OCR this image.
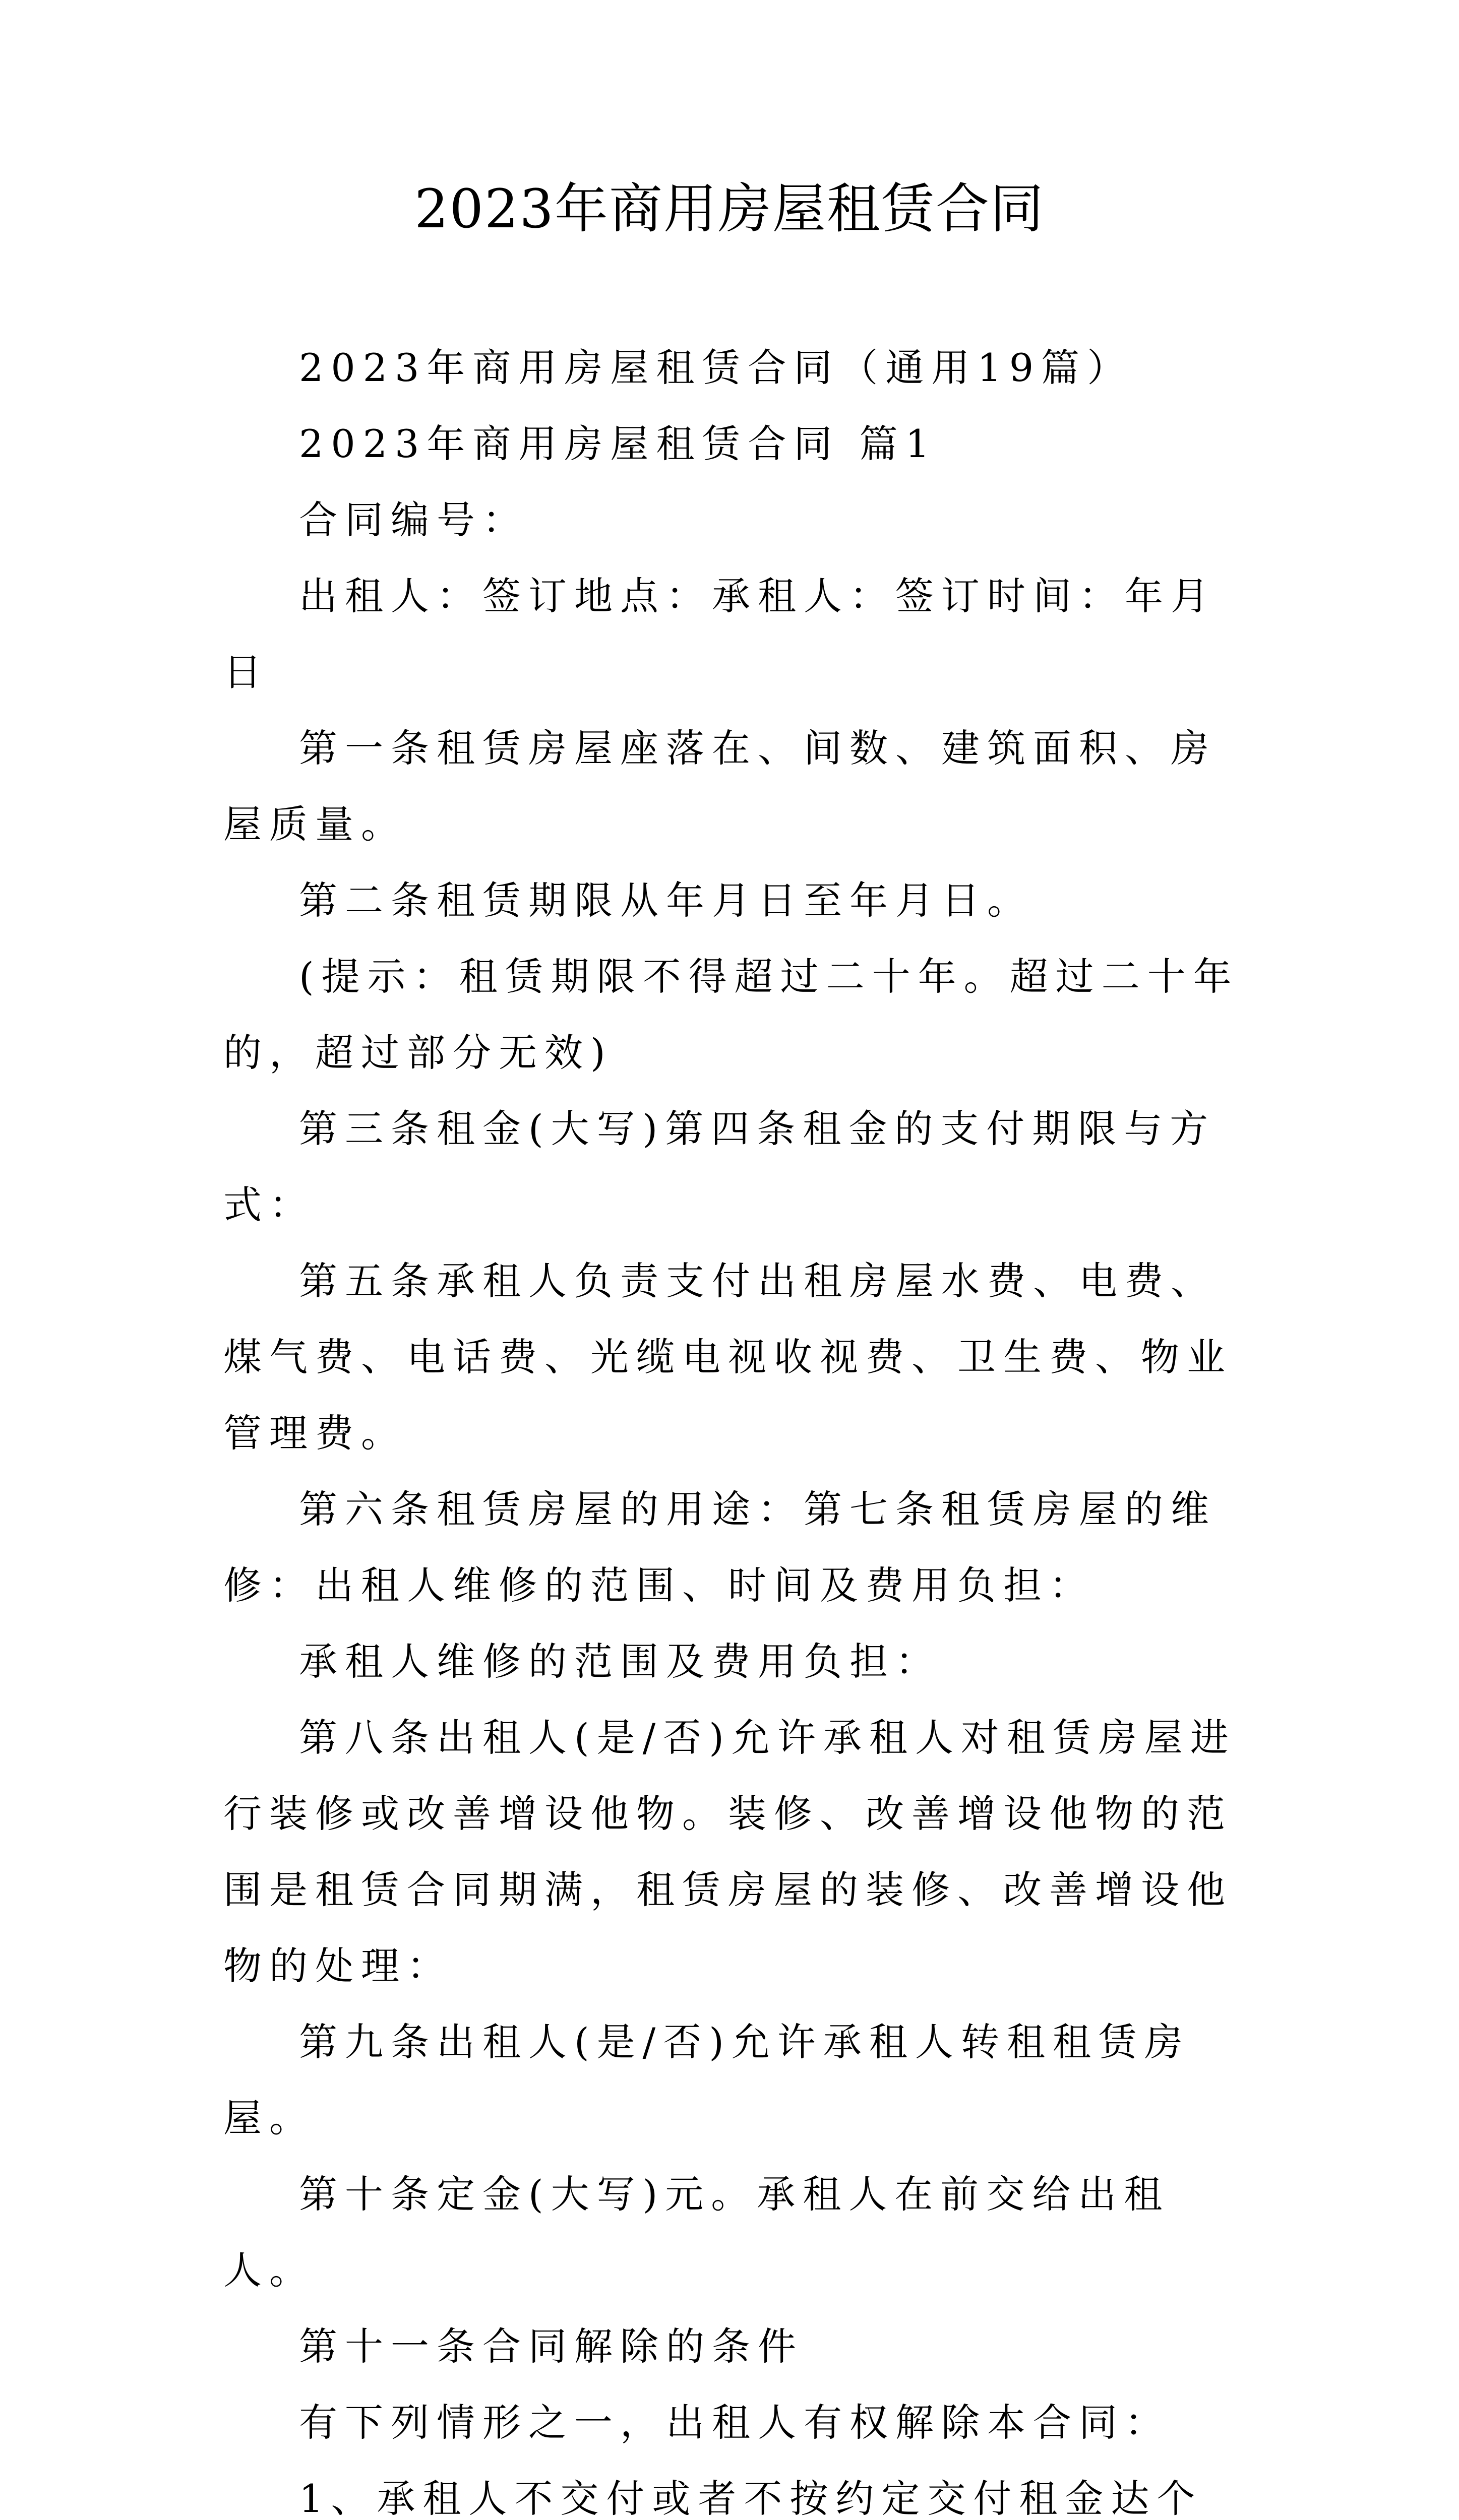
2023年商用房屋租赁合同

2023年商用房屋租赁合同（通用19篇）

2023年商用房屋租赁合同 篇1

合同编号：

出租人：签订地点：承租人：签订时间：年月日

第一条租赁房屋座落在、间数、建筑面积、房屋质量。

第二条租赁期限从年月日至年月日。

(提示：租赁期限不得超过二十年。超过二十年的，超过部分无效)

第三条租金(大写)第四条租金的支付期限与方式：

第五条承租人负责支付出租房屋水费、电费、煤气费、电话费、光缆电视收视费、卫生费、物业管理费。

第六条租赁房屋的用途：第七条租赁房屋的维修：出租人维修的范围、时间及费用负担：

承租人维修的范围及费用负担：

第八条出租人(是/否)允许承租人对租赁房屋进行装修或改善增设他物。装修、改善增设他物的范围是租赁合同期满，租赁房屋的装修、改善增设他物的处理：

第九条出租人(是/否)允许承租人转租租赁房屋。

第十条定金(大写)元。承租人在前交给出租人。

第十一条合同解除的条件

有下列情形之一，出租人有权解除本合同：

1、承租人不交付或者不按约定交付租金达个
